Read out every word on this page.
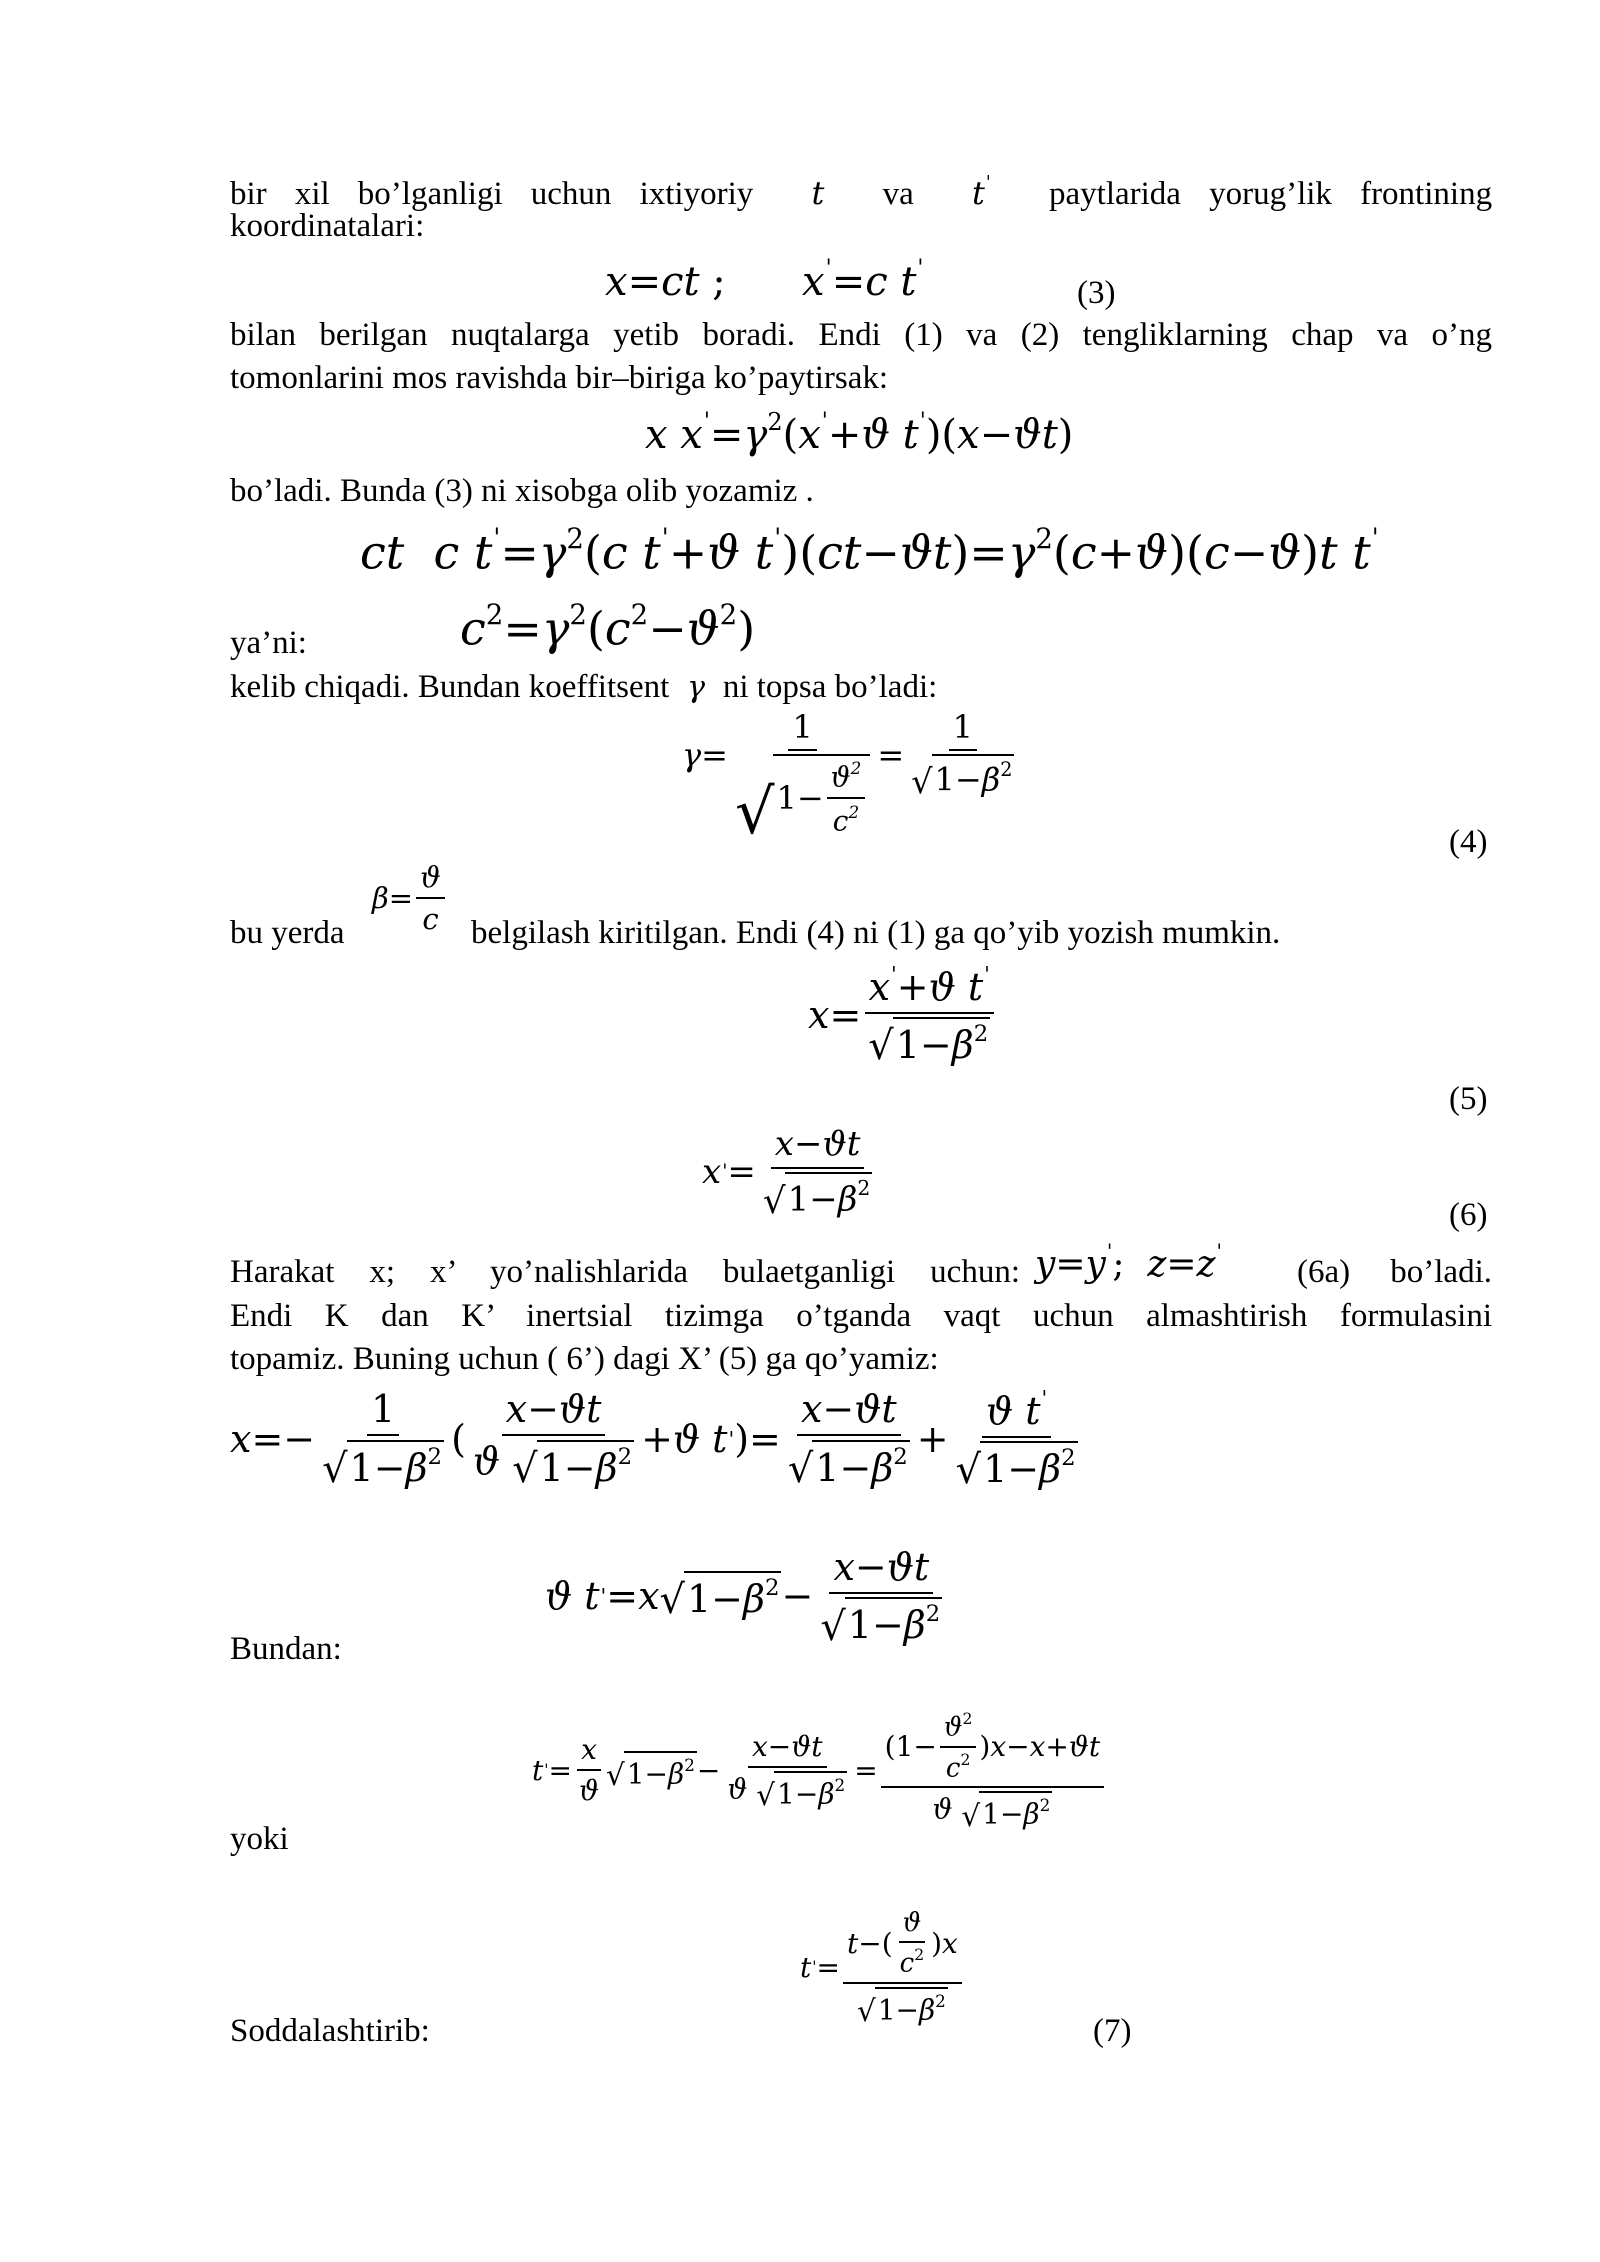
bir xil bo’lganligi uchun ixtiyoriy  t  va  t' paytlarida yorug’lik frontining
koordinatalari:
x=ct ;      x'=c t'
(3)
bilan berilgan nuqtalarga yetib boradi. Endi (1) va (2) tengliklarning chap va o’ng
tomonlarini mos ravishda bir–biriga ko’paytirsak:
x $x'=\gamma^2(x'+ϑ$ t')(x−ϑt)
bo’ladi. Bunda (3) ni xisobga olib yozamiz .
ct  c $t'=\gamma^2(c$ t'+ϑ $t')(ct-ϑt)=\gamma^2(c+ϑ)(c-ϑ)t$ t'
$c^2=\gamma^2(c^2-ϑ^2)$
ya’ni:
kelib chiqadi. Bundan koeffitsent  γ  ni topsa bo’ladi:
γ=
1
√ $1 - \frac{ϑ^2}{c^2}$
= $\frac{1}{√ 1-\beta^2}$
(4)
$\beta = \frac{ϑ}{c}$
bu yerda	belgilash kiritilgan. Endi (4) ni (1) ga qo’yib yozish mumkin.
$x = \frac{x'+ϑ t'}{√ 1-\beta^2}$
(5)
x ' = $\frac{x-ϑt}{√ 1-\beta^2}$	(6)
Harakat x; x’ yo’nalishlarida bulaetganligi uchun: y=y';  z=z'
(6a) bo’ladi.
Endi K dan K’ inertsial tizimga o’tganda vaqt uchun almashtirish formulasini
topamiz. Buning uchun ( 6’) dagi X’ (5) ga qo’yamiz:
$x =- \frac{1}{√ 1-\beta^2}$ ( $\frac{x-ϑt}{ϑ √ 1-\beta^2} + ϑ$ t ' )= $\frac{x-ϑt}{√ 1-\beta^2} + \frac{ϑ t'}{√ 1-\beta^2}$
ϑ t ' = x √ $1-\beta^2 - \frac{x-ϑt}{√ 1-\beta^2}$
Bundan:
t ' = $\frac{x}{ϑ}$ √ $1-\beta^2 - \frac{x-ϑt}{ϑ √ 1-\beta^2}$ =
($1- \frac{ϑ^2}{c^2}$ ) x − x + ϑt
ϑ √ $1-\beta^2$
yoki
t ' = $\frac{t -( \frac{ϑ}{c^2} ) x}{√ 1-\beta^2}$
Soddalashtirib:	(7)
